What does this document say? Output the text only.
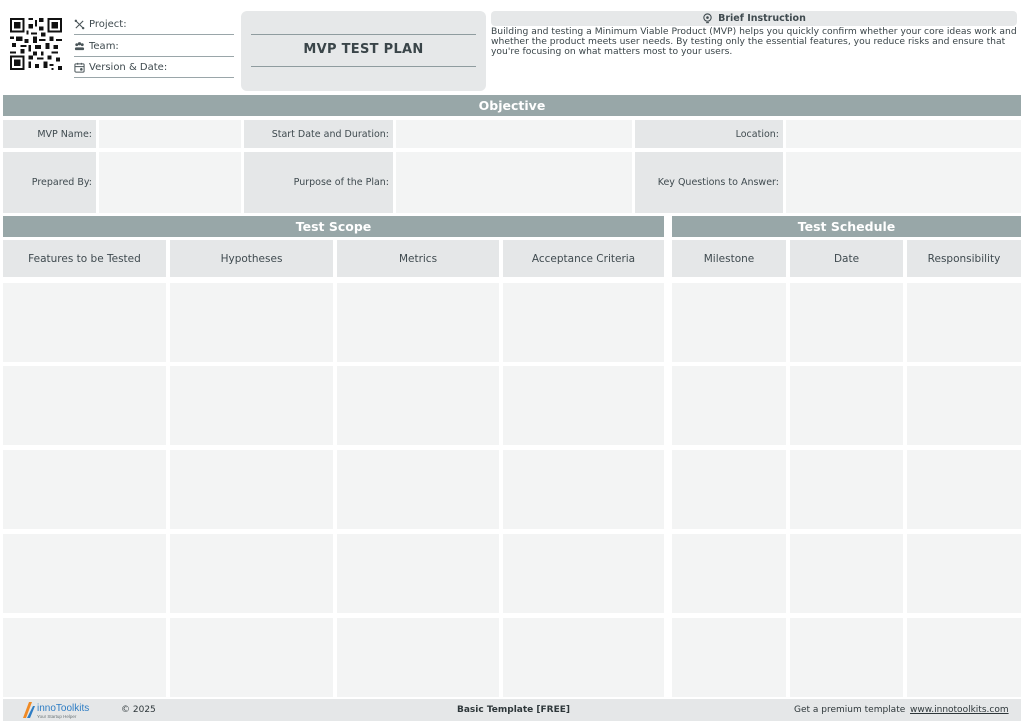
Project:
Team:
Version & Date:
MVP TEST PLAN
Brief Instruction
Building and testing a Minimum Viable Product (MVP) helps you quickly confirm whether your core ideas work and whether the product meets user needs. By testing only the essential features, you reduce risks and ensure that you're focusing on what matters most to your users.
Objective
MVP Name:	Start Date and Duration:	Location:
Prepared By:	Purpose of the Plan:	Key Questions to Answer:
Test Scope	Test Schedule
Features to be Tested	Hypotheses	Metrics	Acceptance Criteria	Milestone	Date	Responsibility
innoToolkits
Your Startup Helper
© 2025	Basic Template [FREE]	Get a premium template www.innotoolkits.com
